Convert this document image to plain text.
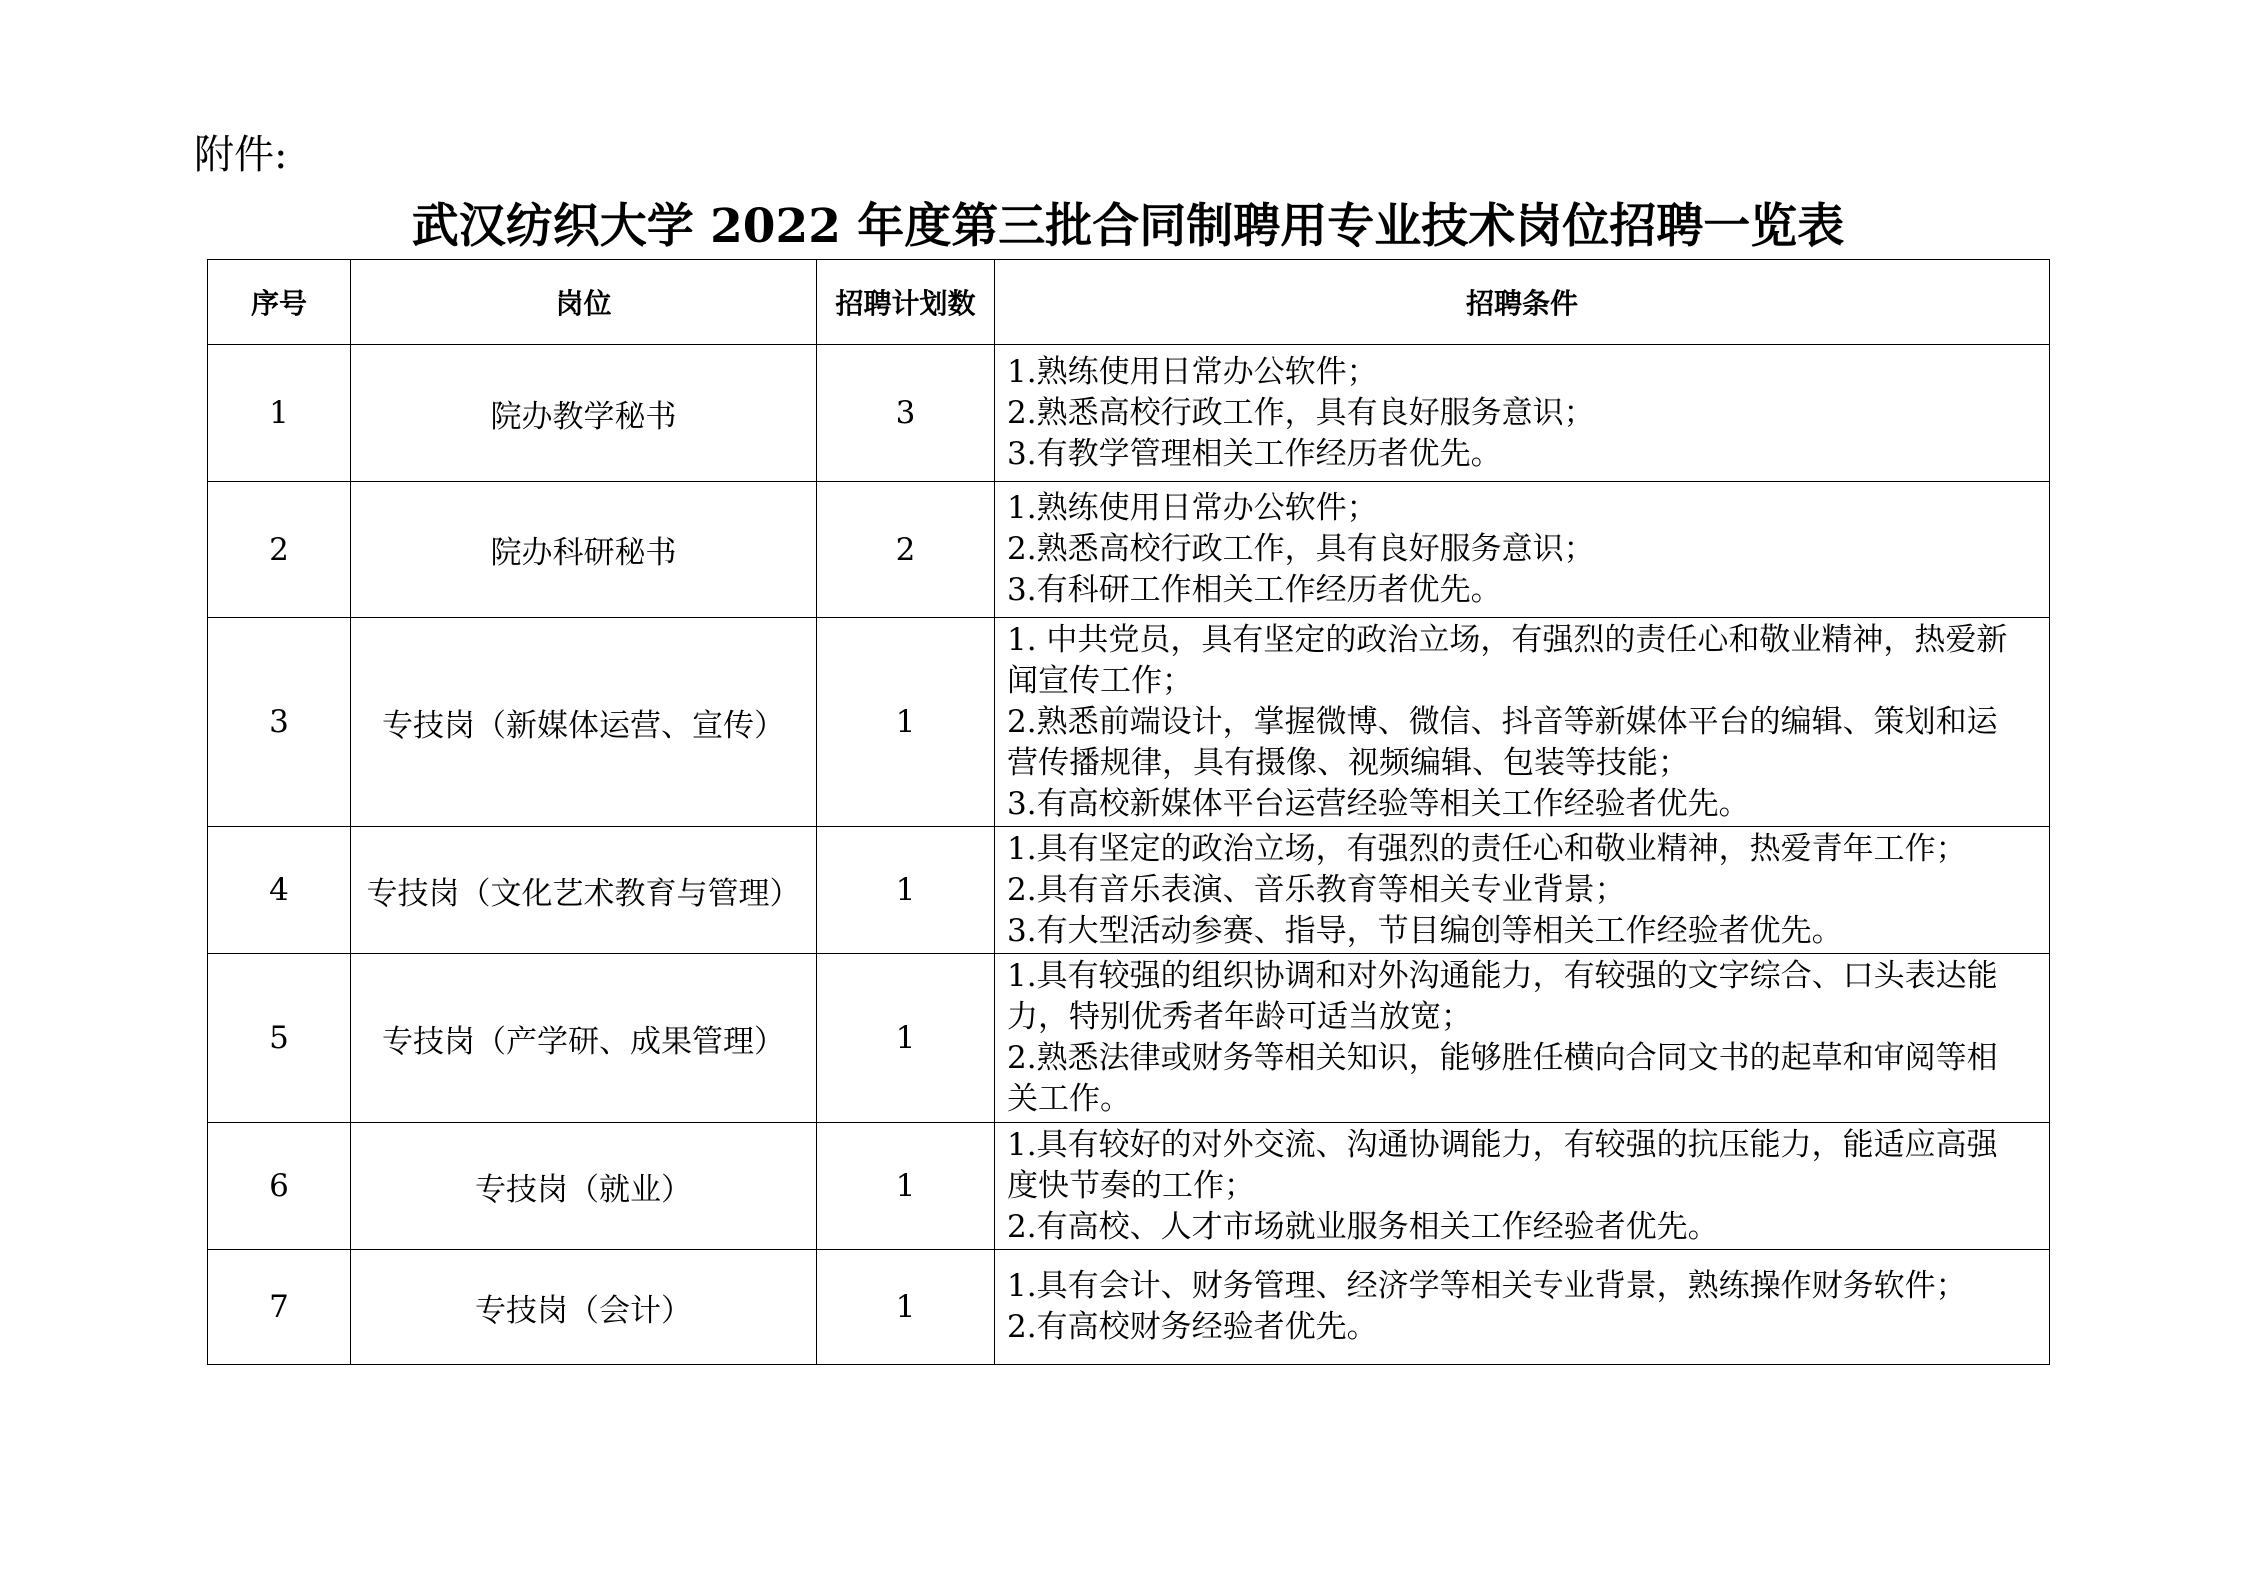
附件:
武汉纺织大学 2022 年度第三批合同制聘用专业技术岗位招聘一览表
序号	岗位	招聘计划数	招聘条件
1	院办教学秘书	3	1.熟练使用日常办公软件；
2.熟悉高校行政工作，具有良好服务意识；
3.有教学管理相关工作经历者优先。

2	院办科研秘书	2	1.熟练使用日常办公软件；
2.熟悉高校行政工作，具有良好服务意识；
3.有科研工作相关工作经历者优先。

3	专技岗（新媒体运营、宣传）	1	1. 中共党员，具有坚定的政治立场，有强烈的责任心和敬业精神，热爱新
闻宣传工作；
2.熟悉前端设计，掌握微博、微信、抖音等新媒体平台的编辑、策划和运
营传播规律，具有摄像、视频编辑、包装等技能；
3.有高校新媒体平台运营经验等相关工作经验者优先。

4	专技岗（文化艺术教育与管理）	1	1.具有坚定的政治立场，有强烈的责任心和敬业精神，热爱青年工作；
2.具有音乐表演、音乐教育等相关专业背景；
3.有大型活动参赛、指导，节目编创等相关工作经验者优先。

5	专技岗（产学研、成果管理）	1	1.具有较强的组织协调和对外沟通能力，有较强的文字综合、口头表达能
力，特别优秀者年龄可适当放宽；
2.熟悉法律或财务等相关知识，能够胜任横向合同文书的起草和审阅等相
关工作。

6	专技岗（就业）	1	1.具有较好的对外交流、沟通协调能力，有较强的抗压能力，能适应高强
度快节奏的工作；
2.有高校、人才市场就业服务相关工作经验者优先。

7	专技岗（会计）	1	1.具有会计、财务管理、经济学等相关专业背景，熟练操作财务软件；
2.有高校财务经验者优先。
